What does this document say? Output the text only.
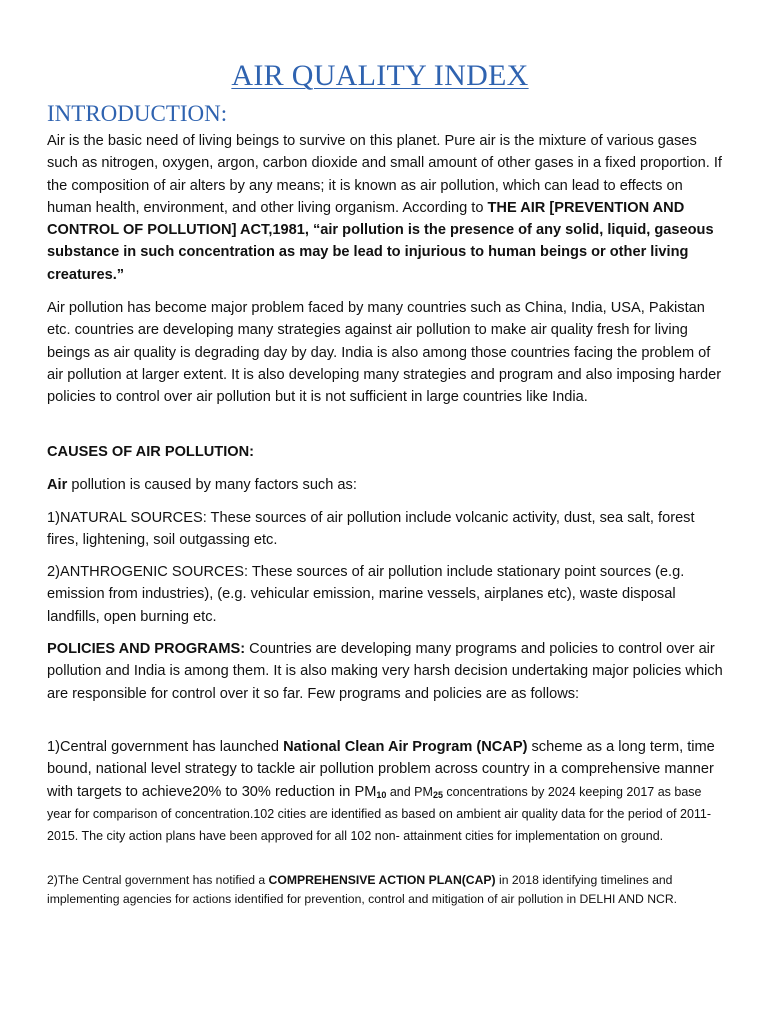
AIR QUALITY INDEX
INTRODUCTION:

Air is the basic need of living beings to survive on this planet. Pure air is the mixture of various gases such as nitrogen, oxygen, argon, carbon dioxide and small amount of other gases in a fixed proportion. If the composition of air alters by any means; it is known as air pollution, which can lead to effects on human health, environment, and other living organism. According to THE AIR [PREVENTION AND CONTROL OF POLLUTION] ACT,1981, “air pollution is the presence of any solid, liquid, gaseous substance in such concentration as may be lead to injurious to human beings or other living creatures.”

Air pollution has become major problem faced by many countries such as China, India, USA, Pakistan etc. countries are developing many strategies against air pollution to make air quality fresh for living beings as air quality is degrading day by day. India is also among those countries facing the problem of air pollution at larger extent. It is also developing many strategies and program and also imposing harder policies to control over air pollution but it is not sufficient in large countries like India.

CAUSES OF AIR POLLUTION:

Air pollution is caused by many factors such as:

1)NATURAL SOURCES: These sources of air pollution include volcanic activity, dust, sea salt, forest fires, lightening, soil outgassing etc.

2)ANTHROGENIC SOURCES: These sources of air pollution include stationary point sources (e.g. emission from industries), (e.g. vehicular emission, marine vessels, airplanes etc), waste disposal landfills, open burning etc.

POLICIES AND PROGRAMS: Countries are developing many programs and policies to control over air pollution and India is among them. It is also making very harsh decision undertaking major policies which are responsible for control over it so far. Few programs and policies are as follows:

1)Central government has launched National Clean Air Program (NCAP) scheme as a long term, time bound, national level strategy to tackle air pollution problem across country in a comprehensive manner with targets to achieve20% to 30% reduction in $PM_{10}$ and $PM_{25}$ concentrations by 2024 keeping 2017 as base year for comparison of concentration.102 cities are identified as based on ambient air quality data for the period of 2011-2015. The city action plans have been approved for all 102 non- attainment cities for implementation on ground.

2)The Central government has notified a COMPREHENSIVE ACTION PLAN(CAP) in 2018 identifying timelines and implementing agencies for actions identified for prevention, control and mitigation of air pollution in DELHI AND NCR.
